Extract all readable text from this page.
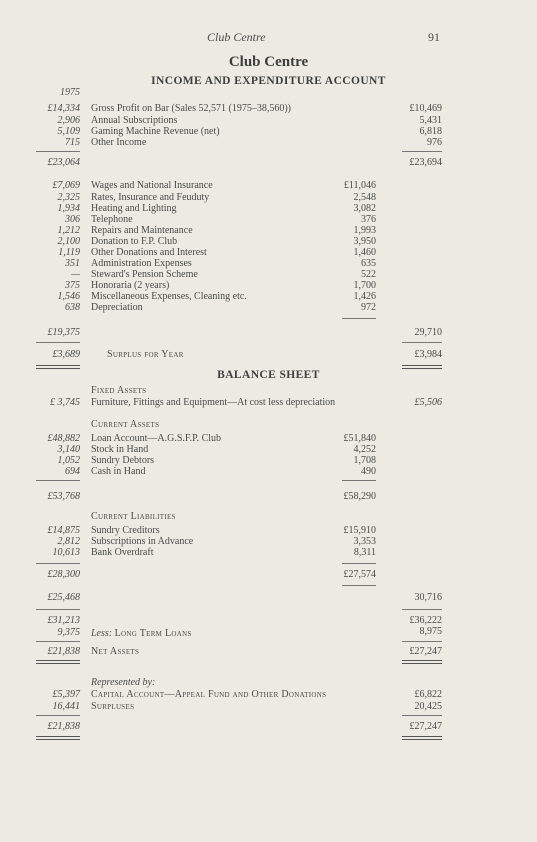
Club Centre	91
Club Centre
INCOME AND EXPENDITURE ACCOUNT
1975
£14,334 Gross Profit on Bar (Sales 52,571 (1975–38,560))	£10,469
2,906 Annual Subscriptions	5,431
5,109 Gaming Machine Revenue (net)	6,818
715 Other Income	976
£23,064	£23,694
£7,069 Wages and National Insurance	£11,046
2,325 Rates, Insurance and Feuduty	2,548
1,934 Heating and Lighting	3,082
306 Telephone	376
1,212 Repairs and Maintenance	1,993
2,100 Donation to F.P. Club	3,950
1,119 Other Donations and Interest	1,460
351 Administration Expenses	635
— Steward's Pension Scheme	522
375 Honoraria (2 years)	1,700
1,546 Miscellaneous Expenses, Cleaning etc.	1,426
638 Depreciation	972
£19,375	29,710
£3,689	Surplus for Year	£3,984
BALANCE SHEET
Fixed Assets
£ 3,745 Furniture, Fittings and Equipment—At cost less depreciation	£5,506
Current Assets
£48,882 Loan Account—A.G.S.F.P. Club	£51,840
3,140 Stock in Hand	4,252
1,052 Sundry Debtors	1,708
694 Cash in Hand	490
£53,768	£58,290
Current Liabilities
£14,875 Sundry Creditors	£15,910
2,812 Subscriptions in Advance	3,353
10,613 Bank Overdraft	8,311
£28,300	£27,574
£25,468	30,716
£31,213	£36,222
9,375 Less: Long Term Loans	8,975
£21,838 Net Assets	£27,247
Represented by:
£5,397 Capital Account—Appeal Fund and Other Donations	£6,822
16,441 Surpluses	20,425
£21,838	£27,247
